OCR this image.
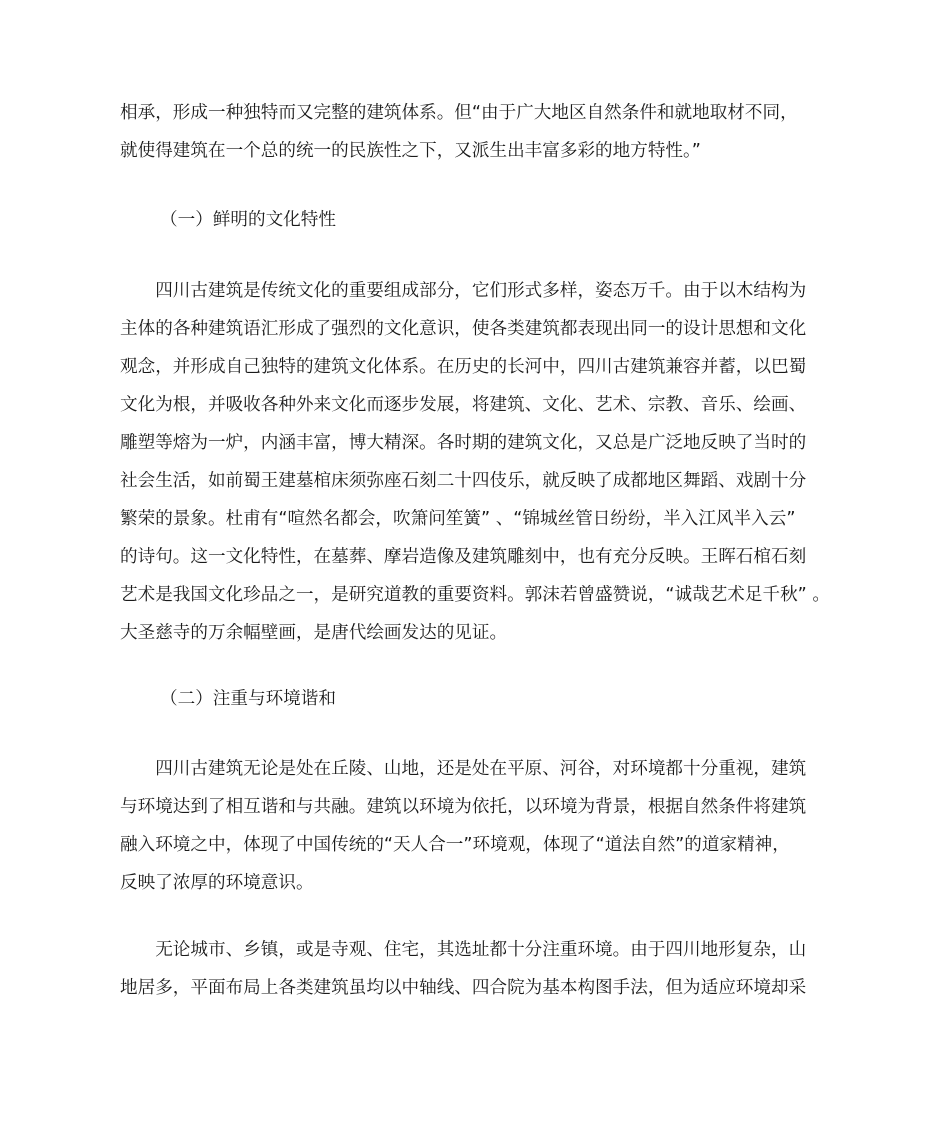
相承，形成一种独特而又完整的建筑体系。但“由于广大地区自然条件和就地取材不同，
就使得建筑在一个总的统一的民族性之下，又派生出丰富多彩的地方特性。”
（一）鲜明的文化特性
　　四川古建筑是传统文化的重要组成部分，它们形式多样，姿态万千。由于以木结构为
主体的各种建筑语汇形成了强烈的文化意识，使各类建筑都表现出同一的设计思想和文化
观念，并形成自己独特的建筑文化体系。在历史的长河中，四川古建筑兼容并蓄，以巴蜀
文化为根，并吸收各种外来文化而逐步发展，将建筑、文化、艺术、宗教、音乐、绘画、
雕塑等熔为一炉，内涵丰富，博大精深。各时期的建筑文化，又总是广泛地反映了当时的
社会生活，如前蜀王建墓棺床须弥座石刻二十四伎乐，就反映了成都地区舞蹈、戏剧十分
繁荣的景象。杜甫有“喧然名都会，吹箫问笙簧” 、“锦城丝管日纷纷，半入江风半入云”
的诗句。这一文化特性，在墓葬、摩岩造像及建筑雕刻中，也有充分反映。王晖石棺石刻
艺术是我国文化珍品之一，是研究道教的重要资料。郭沫若曾盛赞说，“诚哉艺术足千秋” 。
大圣慈寺的万余幅壁画，是唐代绘画发达的见证。
（二）注重与环境谐和
　　四川古建筑无论是处在丘陵、山地，还是处在平原、河谷，对环境都十分重视，建筑
与环境达到了相互谐和与共融。建筑以环境为依托，以环境为背景，根据自然条件将建筑
融入环境之中，体现了中国传统的“天人合一”环境观，体现了“道法自然”的道家精神，
反映了浓厚的环境意识。
　　无论城市、乡镇，或是寺观、住宅，其选址都十分注重环境。由于四川地形复杂，山
地居多，平面布局上各类建筑虽均以中轴线、四合院为基本构图手法，但为适应环境却采
